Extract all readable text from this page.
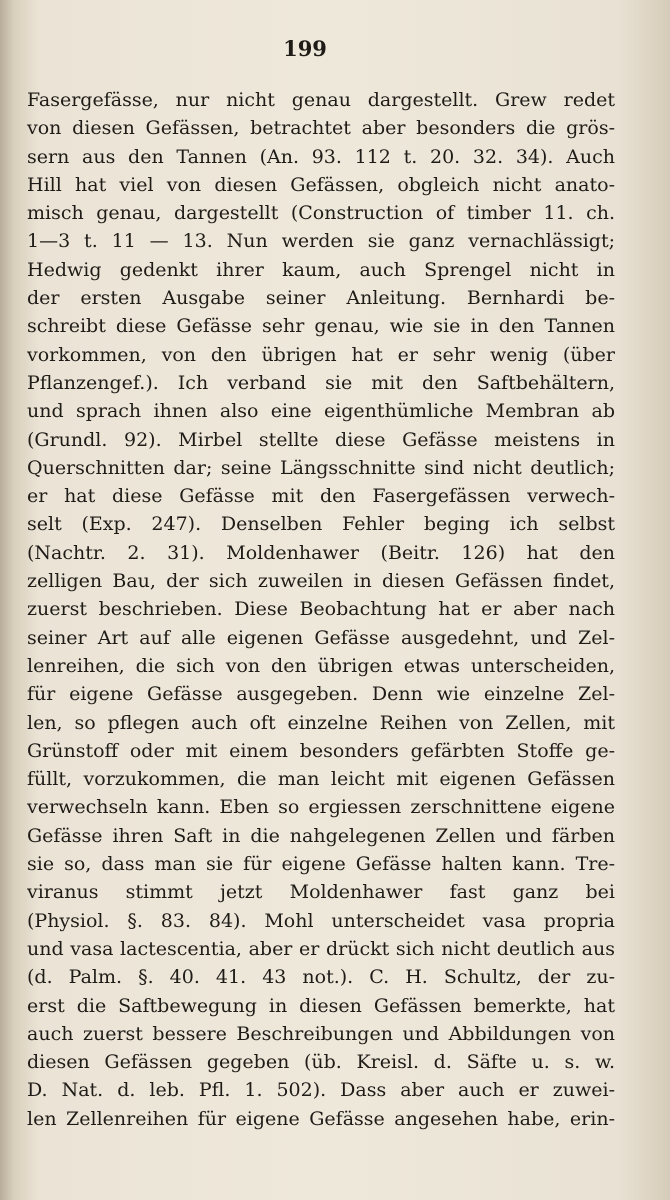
199
Fasergefässe, nur nicht genau dargestellt. Grew redet
von diesen Gefässen, betrachtet aber besonders die grös-
sern aus den Tannen (An. 93. 112 t. 20. 32. 34). Auch
Hill hat viel von diesen Gefässen, obgleich nicht anato-
misch genau, dargestellt (Construction of timber 11. ch.
1—3 t. 11 — 13. Nun werden sie ganz vernachlässigt;
Hedwig gedenkt ihrer kaum, auch Sprengel nicht in
der ersten Ausgabe seiner Anleitung. Bernhardi be-
schreibt diese Gefässe sehr genau, wie sie in den Tannen
vorkommen, von den übrigen hat er sehr wenig (über
Pflanzengef.). Ich verband sie mit den Saftbehältern,
und sprach ihnen also eine eigenthümliche Membran ab
(Grundl. 92). Mirbel stellte diese Gefässe meistens in
Querschnitten dar; seine Längsschnitte sind nicht deutlich;
er hat diese Gefässe mit den Fasergefässen verwech-
selt (Exp. 247). Denselben Fehler beging ich selbst
(Nachtr. 2. 31). Moldenhawer (Beitr. 126) hat den
zelligen Bau, der sich zuweilen in diesen Gefässen findet,
zuerst beschrieben. Diese Beobachtung hat er aber nach
seiner Art auf alle eigenen Gefässe ausgedehnt, und Zel-
lenreihen, die sich von den übrigen etwas unterscheiden,
für eigene Gefässe ausgegeben. Denn wie einzelne Zel-
len, so pflegen auch oft einzelne Reihen von Zellen, mit
Grünstoff oder mit einem besonders gefärbten Stoffe ge-
füllt, vorzukommen, die man leicht mit eigenen Gefässen
verwechseln kann. Eben so ergiessen zerschnittene eigene
Gefässe ihren Saft in die nahgelegenen Zellen und färben
sie so, dass man sie für eigene Gefässe halten kann. Tre-
viranus stimmt jetzt Moldenhawer fast ganz bei
(Physiol. §. 83. 84). Mohl unterscheidet vasa propria
und vasa lactescentia, aber er drückt sich nicht deutlich aus
(d. Palm. §. 40. 41. 43 not.). C. H. Schultz, der zu-
erst die Saftbewegung in diesen Gefässen bemerkte, hat
auch zuerst bessere Beschreibungen und Abbildungen von
diesen Gefässen gegeben (üb. Kreisl. d. Säfte u. s. w.
D. Nat. d. leb. Pfl. 1. 502). Dass aber auch er zuwei-
len Zellenreihen für eigene Gefässe angesehen habe, erin-
